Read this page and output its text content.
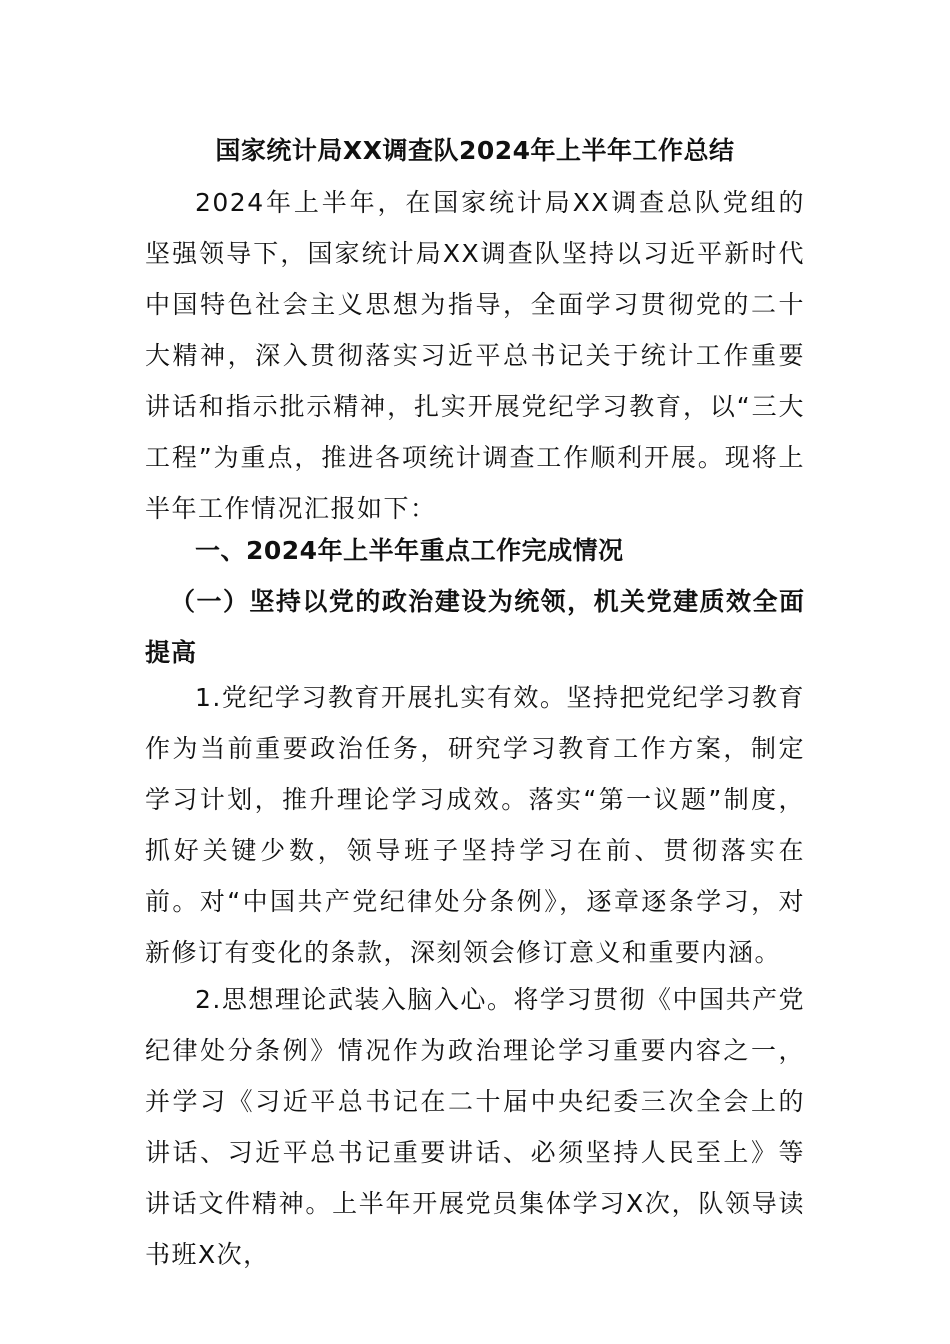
国家统计局XX调查队2024年上半年工作总结

2024年上半年，在国家统计局XX调查总队党组的坚强领导下，国家统计局XX调查队坚持以习近平新时代中国特色社会主义思想为指导，全面学习贯彻党的二十大精神，深入贯彻落实习近平总书记关于统计工作重要讲话和指示批示精神，扎实开展党纪学习教育，以“三大工程”为重点，推进各项统计调查工作顺利开展。现将上半年工作情况汇报如下：

一、2024年上半年重点工作完成情况

（一）坚持以党的政治建设为统领，机关党建质效全面提高

1.党纪学习教育开展扎实有效。坚持把党纪学习教育作为当前重要政治任务，研究学习教育工作方案，制定学习计划，推升理论学习成效。落实“第一议题”制度，抓好关键少数，领导班子坚持学习在前、贯彻落实在前。对“中国共产党纪律处分条例》，逐章逐条学习，对新修订有变化的条款，深刻领会修订意义和重要内涵。

2.思想理论武装入脑入心。将学习贯彻《中国共产党纪律处分条例》情况作为政治理论学习重要内容之一，并学习《习近平总书记在二十届中央纪委三次全会上的讲话、习近平总书记重要讲话、必须坚持人民至上》等讲话文件精神。上半年开展党员集体学习X次，队领导读书班X次，
